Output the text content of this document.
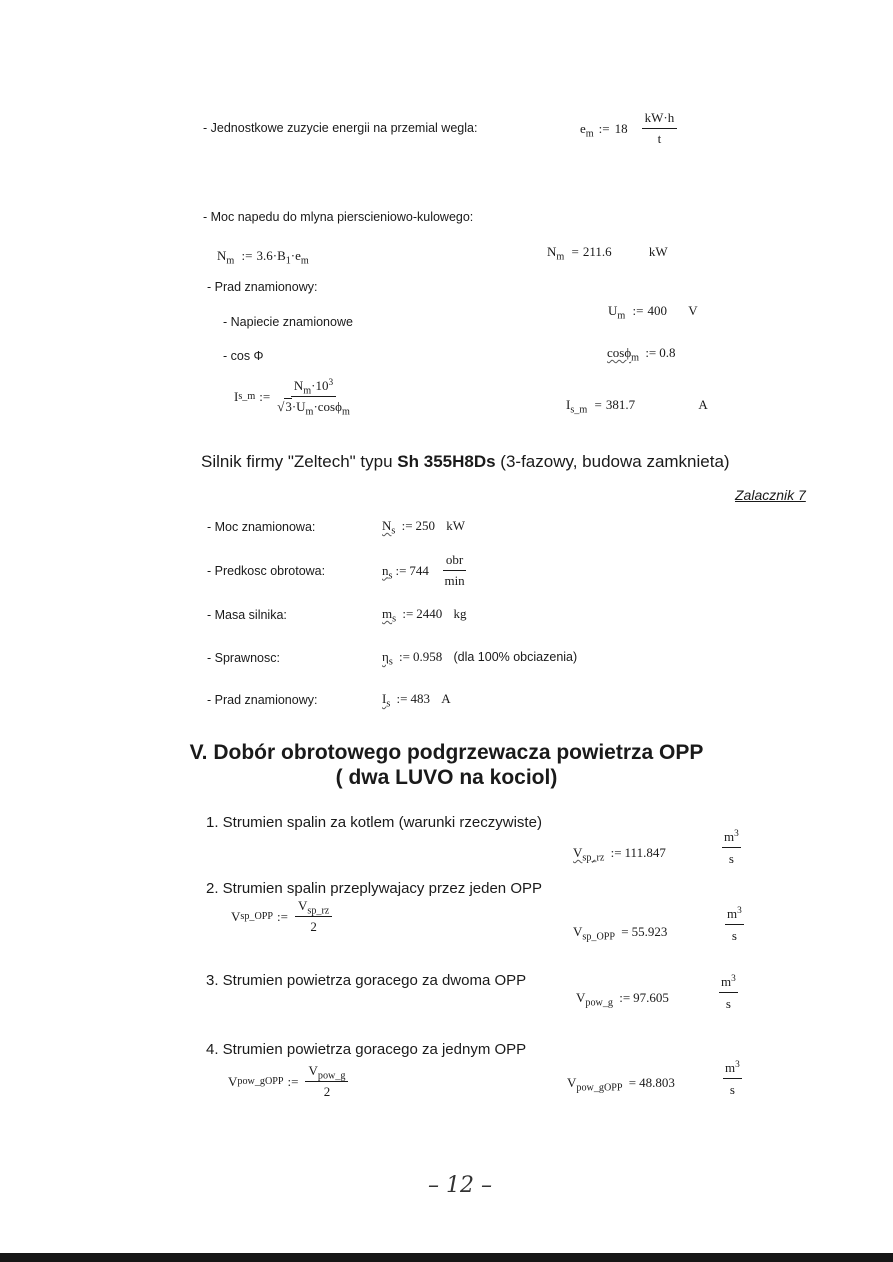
- Jednostkowe zuzycie energii na przemial wegla:	$e_m$ := $18 \frac{kW\cdot h}{t}$
- Moc napedu do mlyna pierscieniowo-kulowego:
$N_m$ := $3.6\cdot B_1\cdot e_m$
$N_m = 211.6$	kW
- Prad znamionowy:
- Napiecie znamionowe
$U_m$ := 400 V
- cos Φ	cosϕ$_m$ := 0.8
I s_m := $\frac{N_m\cdot 10^3}{√3\cdot U_m\cdot\cos\phi_m}$	$I_{s\_m} = 381.7$	A
Silnik firmy "Zeltech" typu Sh 355H8Ds (3-fazowy, budowa zamknieta)
Zalacznik 7
- Moc znamionowa:	$N_s$ := 250 kW
- Predkosc obrotowa:	$n_s$ := $744 \frac{\text{obr}}{\min}$
- Masa silnika:	$m_s$ := 2440 kg
- Sprawnosc:	$\eta_s$ := 0.958 (dla 100% obciazenia)
- Prad znamionowy:	$I_s$ := 483 A
V. Dobór obrotowego podgrzewacza powietrza OPP
( dwa LUVO na kociol)
1. Strumien spalin za kotlem (warunki rzeczywiste)
$V_{sp\_rz}$ := 111.847	$\frac{m^3}{s}$
2. Strumien spalin przeplywajacy przez jeden OPP
V sp_OPP := $\frac{V_{sp\_rz}}{2}$	$V_{sp\_OPP} = 55.923$	$\frac{m^3}{s}$
3. Strumien powietrza goracego za dwoma OPP
$V_{pow\_g}$ := 97.605	$\frac{m^3}{s}$
4. Strumien powietrza goracego za jednym OPP
V pow_gOPP := $\frac{V_{pow\_g}}{2}$	$V_{pow\_gOPP} = 48.803$	$\frac{m^3}{s}$
– 12 –
